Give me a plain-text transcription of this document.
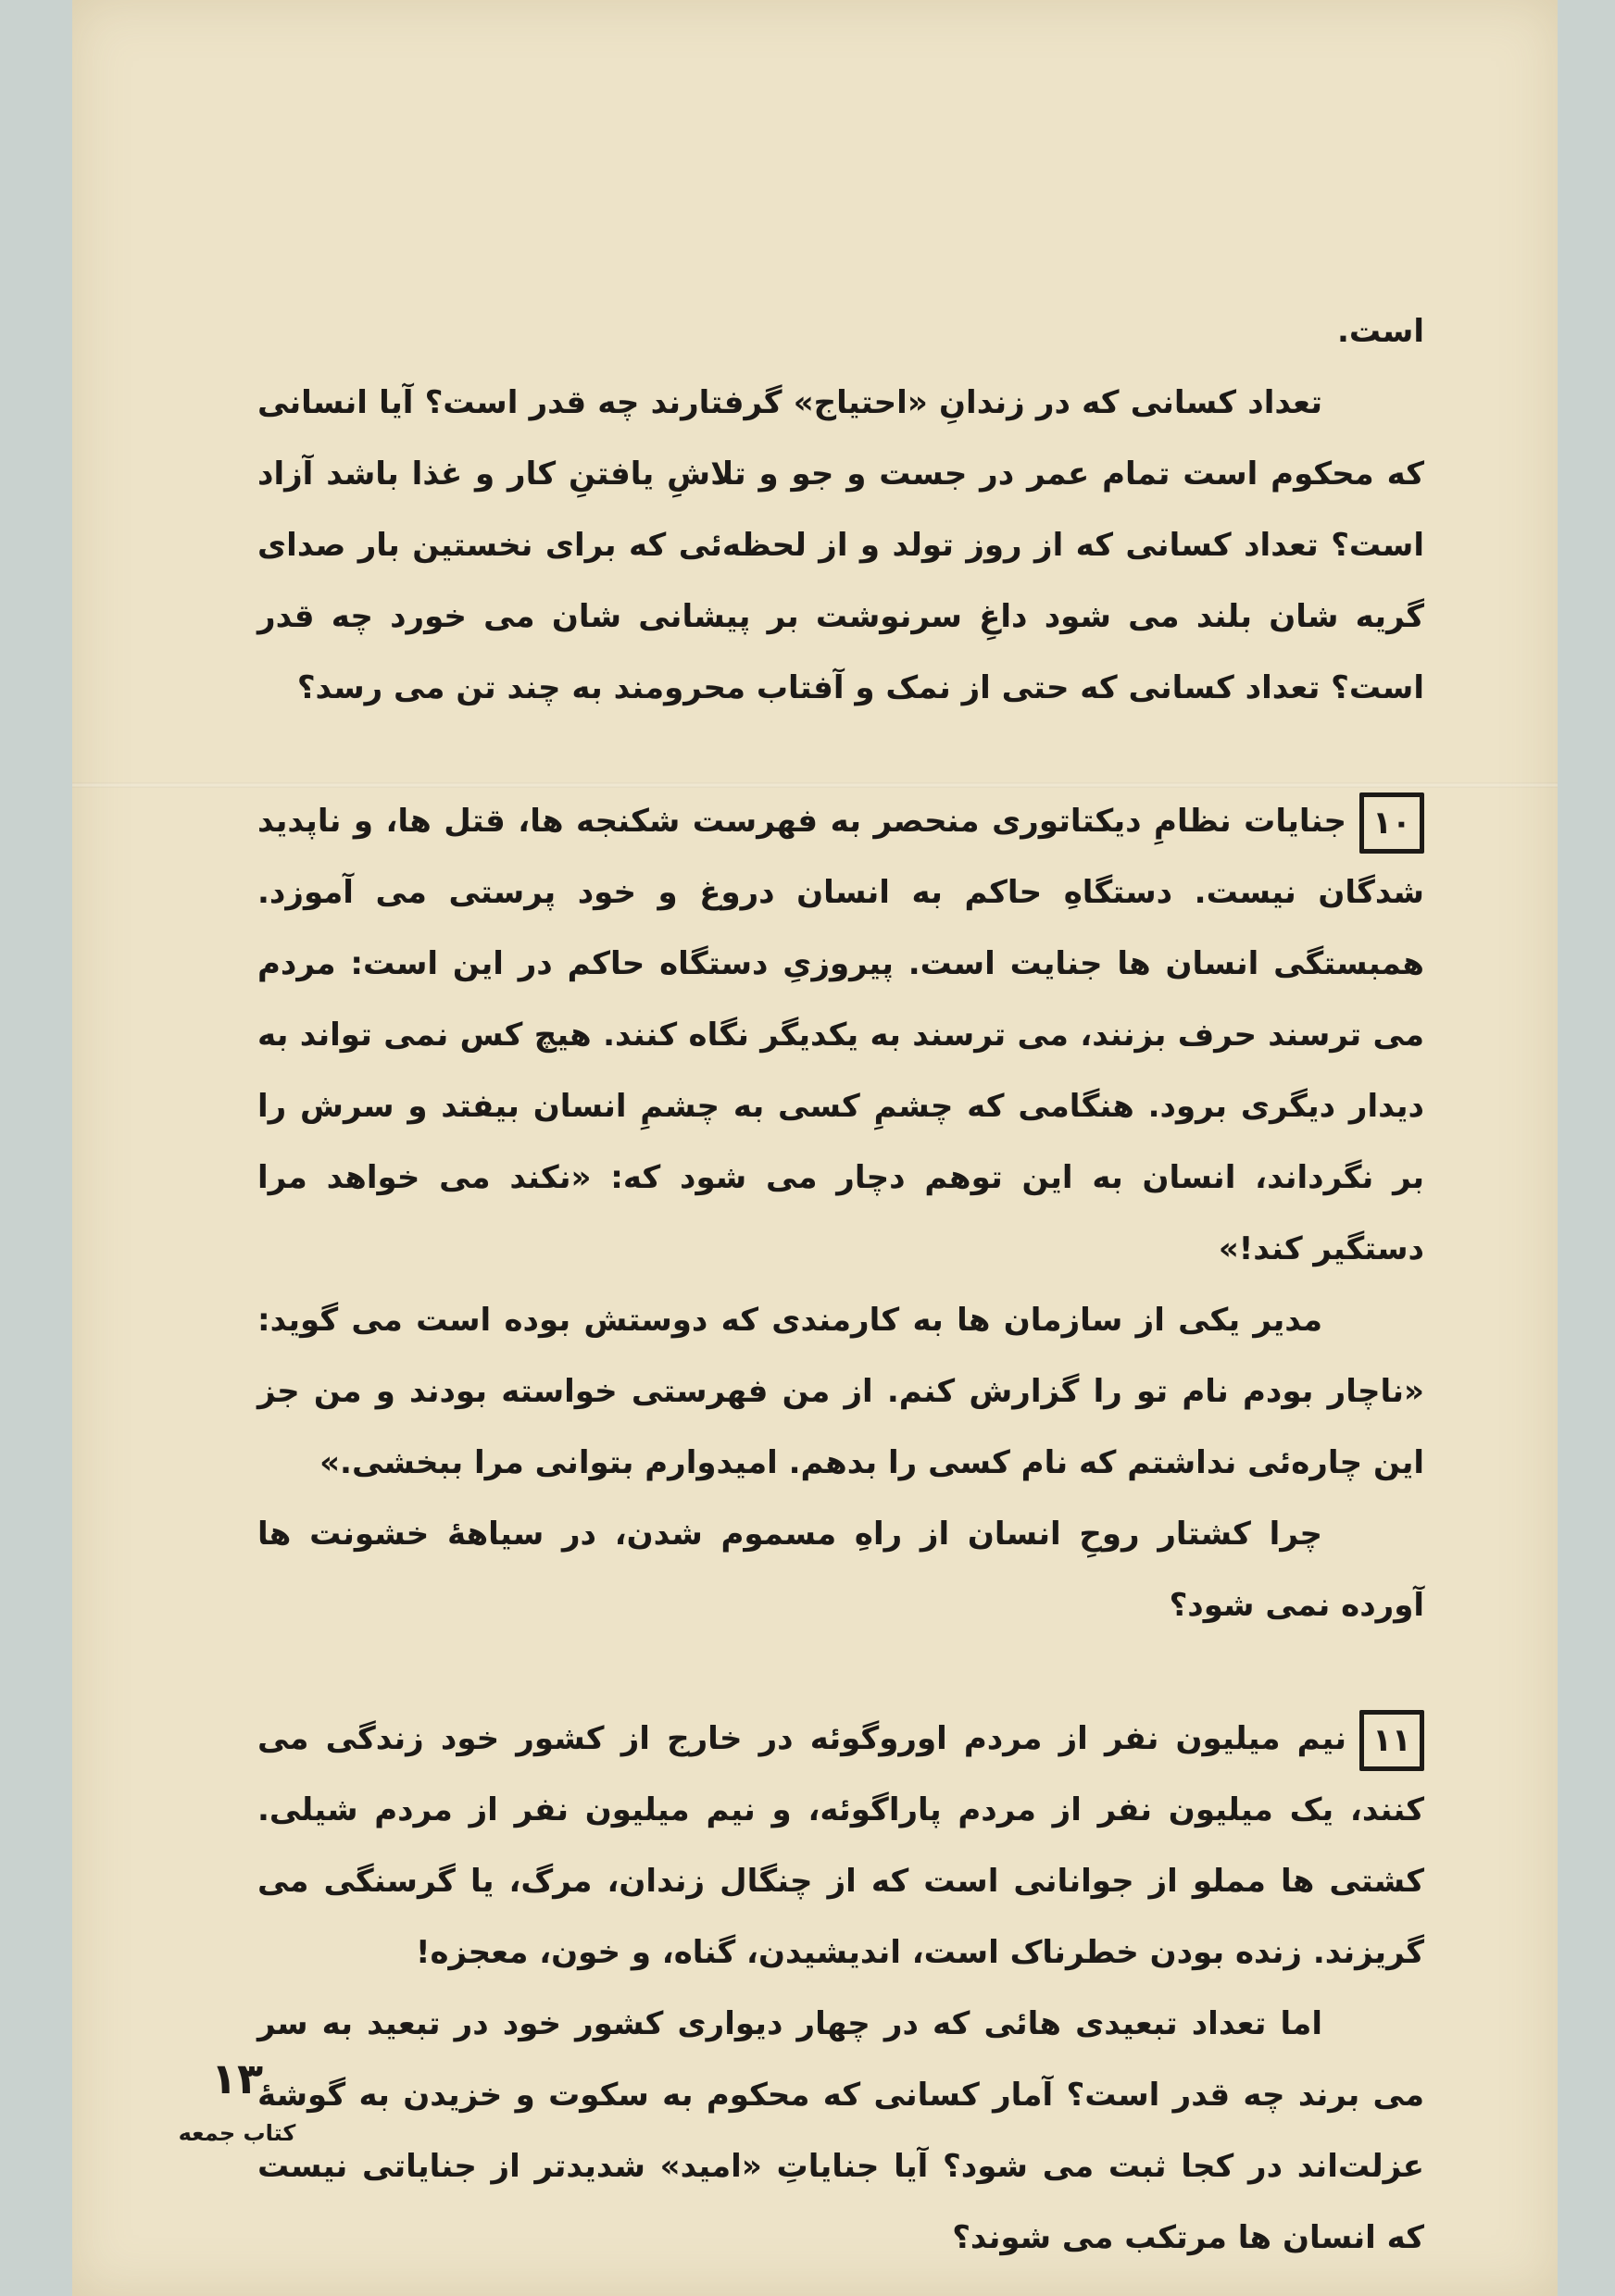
است.

تعداد کسانی که در زندانِ «احتیاج» گرفتارند چه قدر است؟ آیا انسانی که محکوم است تمام عمر در جست و جو و تلاشِ یافتنِ کار و غذا باشد آزاد است؟ تعداد کسانی که از روز تولد و از لحظه‌ئی که برای نخستین بار صدای گریه شان بلند می شود داغِ سرنوشت بر پیشانی شان می خورد چه قدر است؟ تعداد کسانی که حتی از نمک و آفتاب محرومند به چند تن می رسد؟

۱۰جنایات نظامِ دیکتاتوری منحصر به فهرست شکنجه ها، قتل ها، و ناپدید شدگان نیست. دستگاهِ حاکم به انسان دروغ و خود پرستی می آموزد. همبستگی انسان ها جنایت است. پیروزیِ دستگاه حاکم در این است: مردم می ترسند حرف بزنند، می ترسند به یکدیگر نگاه کنند. هیچ کس نمی تواند به دیدار دیگری برود. هنگامی که چشمِ کسی به چشمِ انسان بیفتد و سرش را بر نگرداند، انسان به این توهم دچار می شود که: «نکند می خواهد مرا دستگیر کند!»

مدیر یکی از سازمان ها به کارمندی که دوستش بوده است می گوید: «ناچار بودم نام تو را گزارش کنم. از من فهرستی خواسته بودند و من جز این چاره‌ئی نداشتم که نام کسی را بدهم. امیدوارم بتوانی مرا ببخشی.»

چرا کشتار روحِ انسان از راهِ مسموم شدن، در سیاههٔ خشونت ها آورده نمی شود؟

۱۱نیم میلیون نفر از مردم اوروگوئه در خارج از کشور خود زندگی می کنند، یک میلیون نفر از مردم پاراگوئه، و نیم میلیون نفر از مردم شیلی. کشتی ها مملو از جوانانی است که از چنگال زندان، مرگ، یا گرسنگی می گریزند. زنده بودن خطرناک است، اندیشیدن، گناه، و خون، معجزه!

اما تعداد تبعیدی هائی که در چهار دیواری کشور خود در تبعید به سر می برند چه قدر است؟ آمار کسانی که محکوم به سکوت و خزیدن به گوشهٔ عزلت‌اند در کجا ثبت می شود؟ آیا جنایاتِ «امید» شدیدتر از جنایاتی نیست که انسان ها مرتکب می شوند؟

۱۳
کتاب جمعه
